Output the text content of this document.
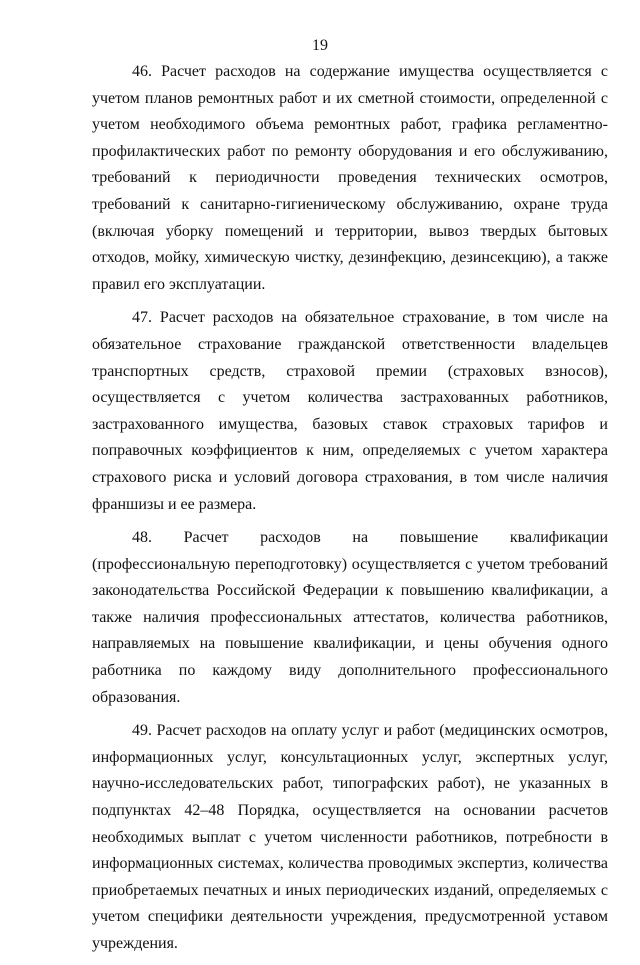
19

46. Расчет расходов на содержание имущества осуществляется с учетом планов ремонтных работ и их сметной стоимости, определенной с учетом необходимого объема ремонтных работ, графика регламентно-профилактических работ по ремонту оборудования и его обслуживанию, требований к периодичности проведения технических осмотров, требований к санитарно-гигиеническому обслуживанию, охране труда (включая уборку помещений и территории, вывоз твердых бытовых отходов, мойку, химическую чистку, дезинфекцию, дезинсекцию), а также правил его эксплуатации.

47. Расчет расходов на обязательное страхование, в том числе на обязательное страхование гражданской ответственности владельцев транспортных средств, страховой премии (страховых взносов), осуществляется с учетом количества застрахованных работников, застрахованного имущества, базовых ставок страховых тарифов и поправочных коэффициентов к ним, определяемых с учетом характера страхового риска и условий договора страхования, в том числе наличия франшизы и ее размера.

48. Расчет расходов на повышение квалификации (профессиональную переподготовку) осуществляется с учетом требований законодательства Российской Федерации к повышению квалификации, а также наличия профессиональных аттестатов, количества работников, направляемых на повышение квалификации, и цены обучения одного работника по каждому виду дополнительного профессионального образования.

49. Расчет расходов на оплату услуг и работ (медицинских осмотров, информационных услуг, консультационных услуг, экспертных услуг, научно-исследовательских работ, типографских работ), не указанных в подпунктах 42–48 Порядка, осуществляется на основании расчетов необходимых выплат с учетом численности работников, потребности в информационных системах, количества проводимых экспертиз, количества приобретаемых печатных и иных периодических изданий, определяемых с учетом специфики деятельности учреждения, предусмотренной уставом учреждения.
